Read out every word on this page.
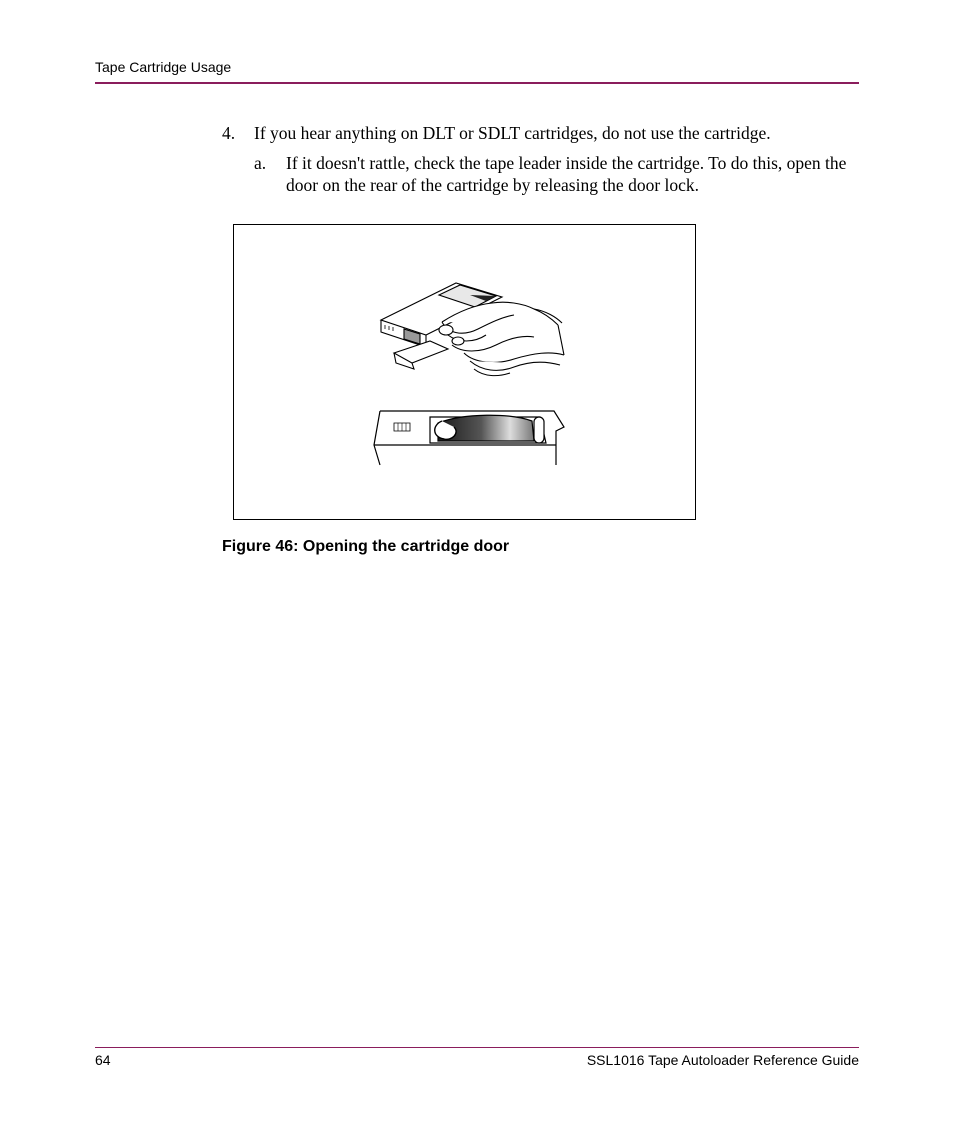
Tape Cartridge Usage
4.	If you hear anything on DLT or SDLT cartridges, do not use the cartridge.
a.	If it doesn't rattle, check the tape leader inside the cartridge. To do this, open the door on the rear of the cartridge by releasing the door lock.
Figure 46: Opening the cartridge door
64	SSL1016 Tape Autoloader Reference Guide
